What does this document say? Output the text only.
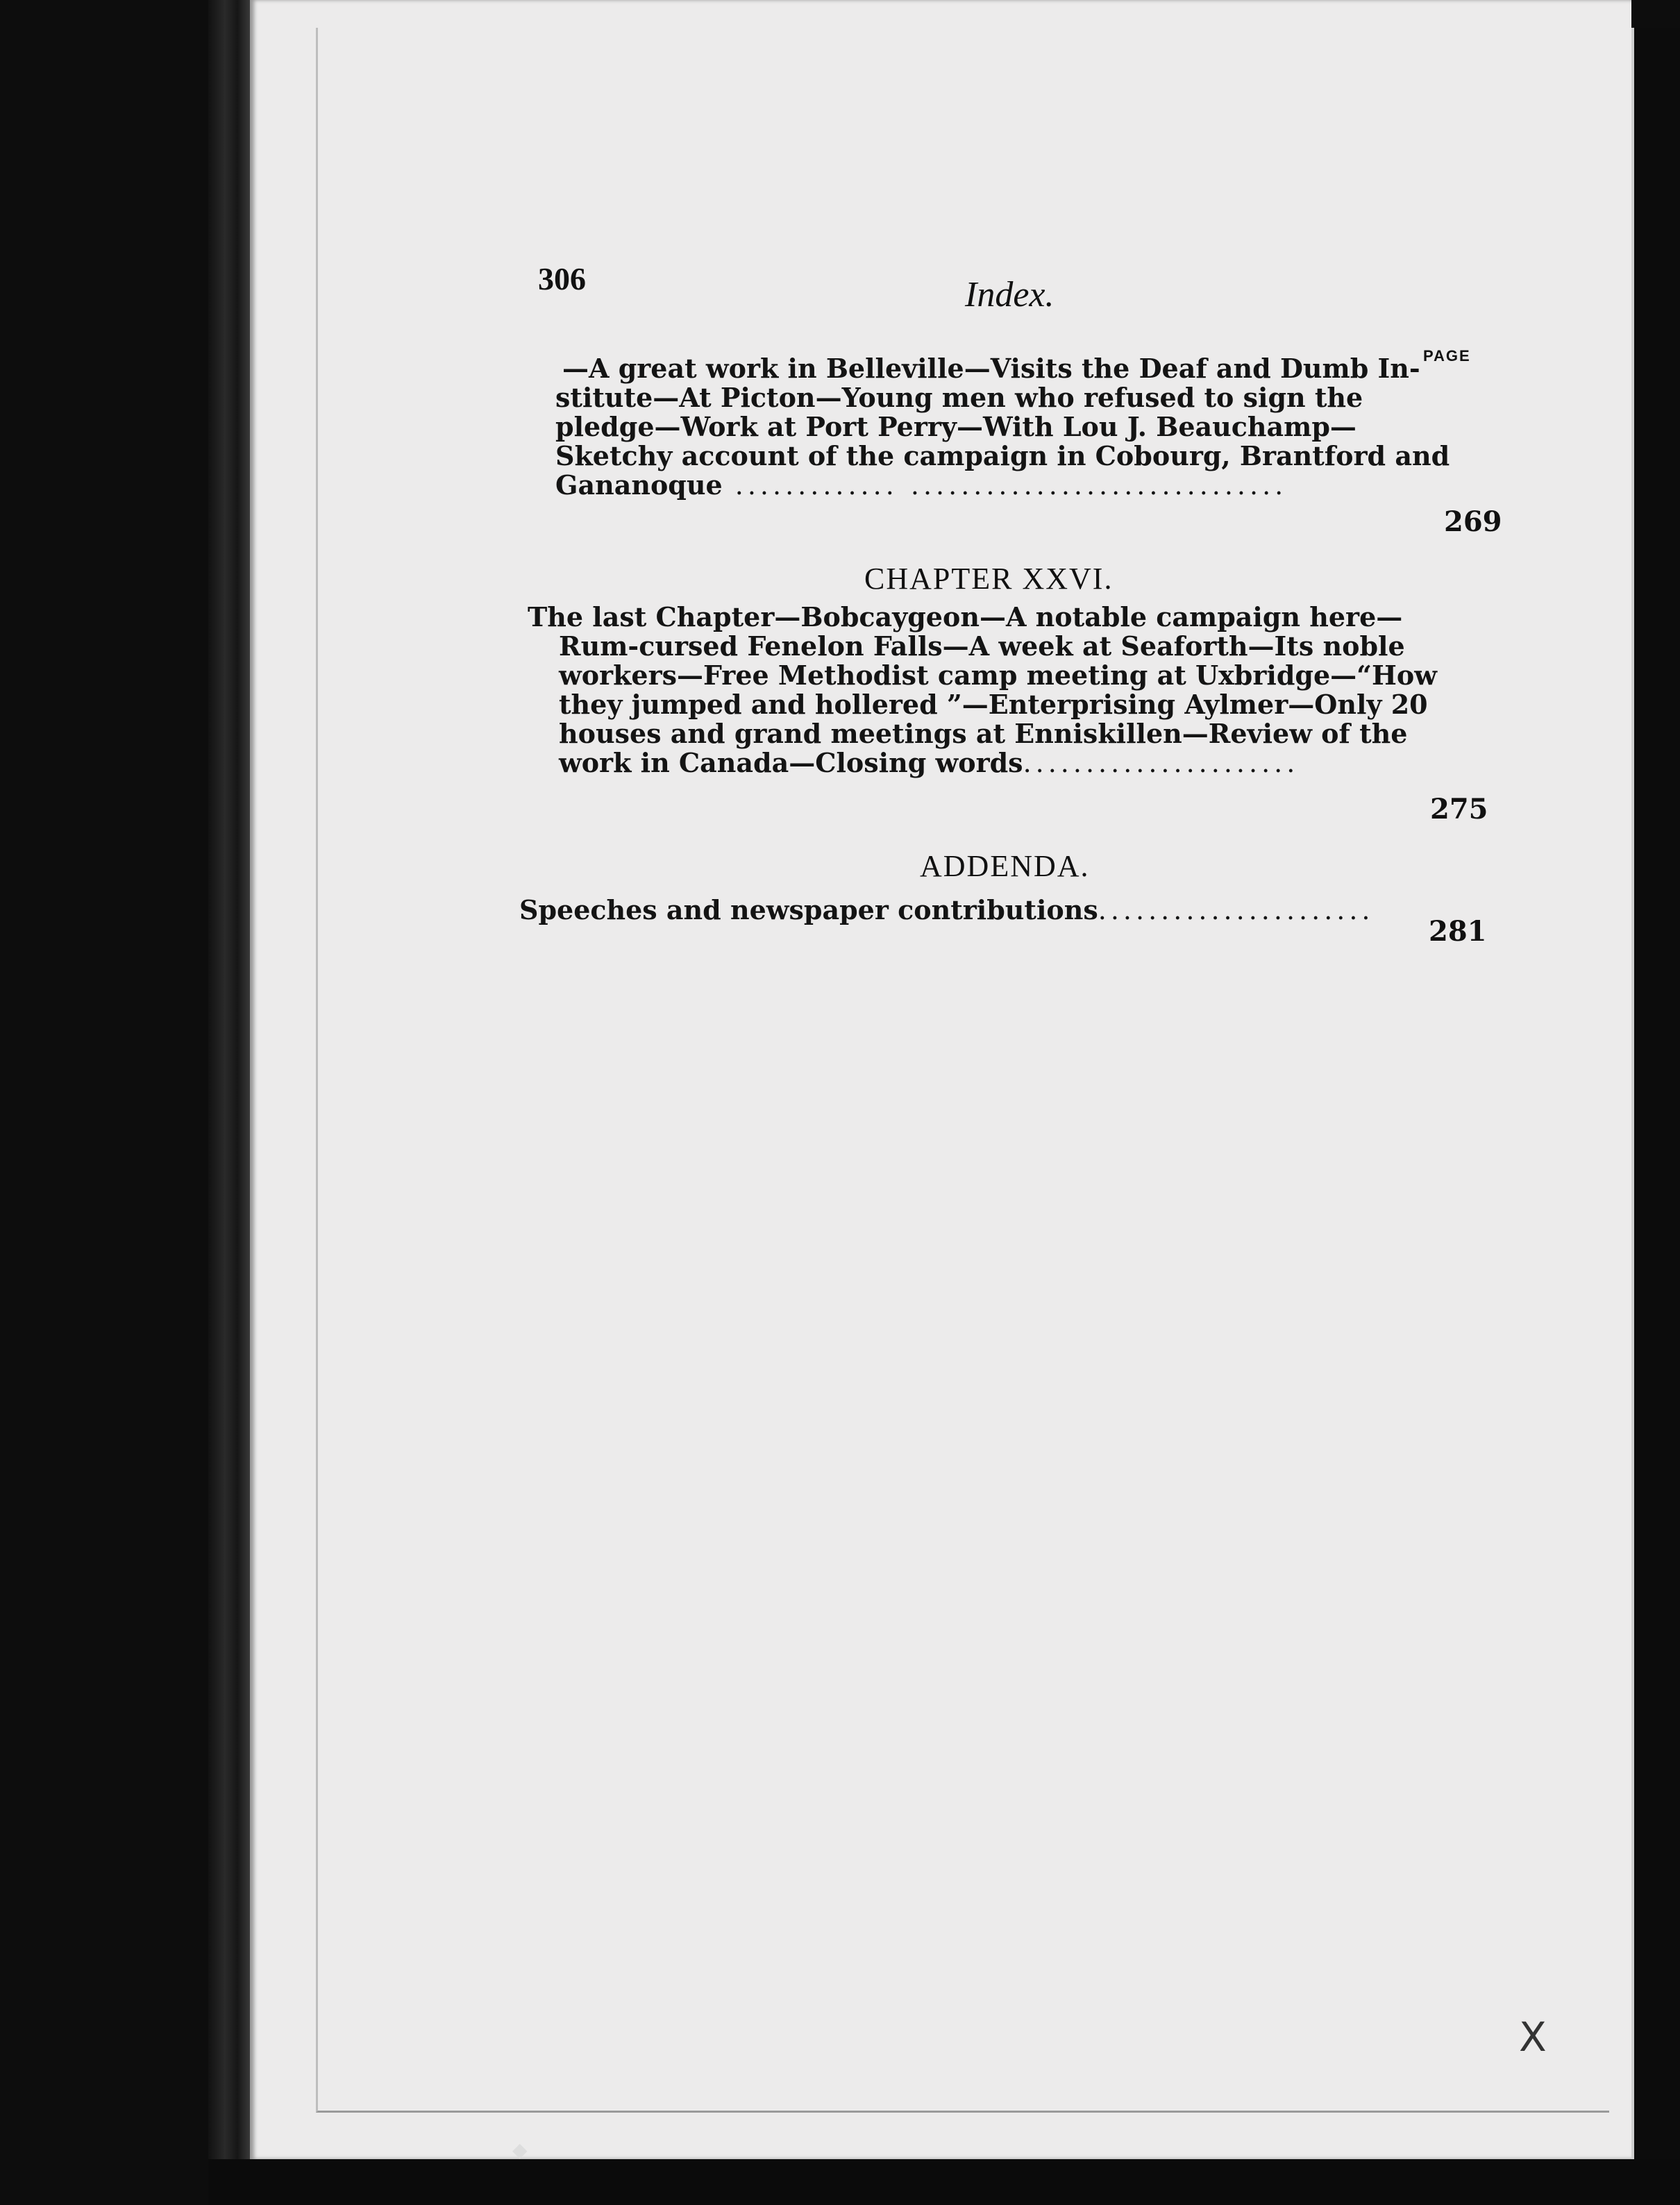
306	Index.
PAGE

—A great work in Belleville—Visits the Deaf and Dumb In-

stitute—At Picton—Young men who refused to sign the

pledge—Work at Port Perry—With Lou J. Beauchamp—

Sketchy account of the campaign in Cobourg, Brantford and

Gananoque ............. ..............................

269
CHAPTER XXVI.

The last Chapter—Bobcaygeon—A notable campaign here—

Rum-cursed Fenelon Falls—A week at Seaforth—Its noble

workers—Free Methodist camp meeting at Uxbridge—“How

they jumped and hollered ”—Enterprising Aylmer—Only 20

houses and grand meetings at Enniskillen—Review of the

work in Canada—Closing words......................

275
ADDENDA.

Speeches and newspaper contributions......................

281
X
◆
